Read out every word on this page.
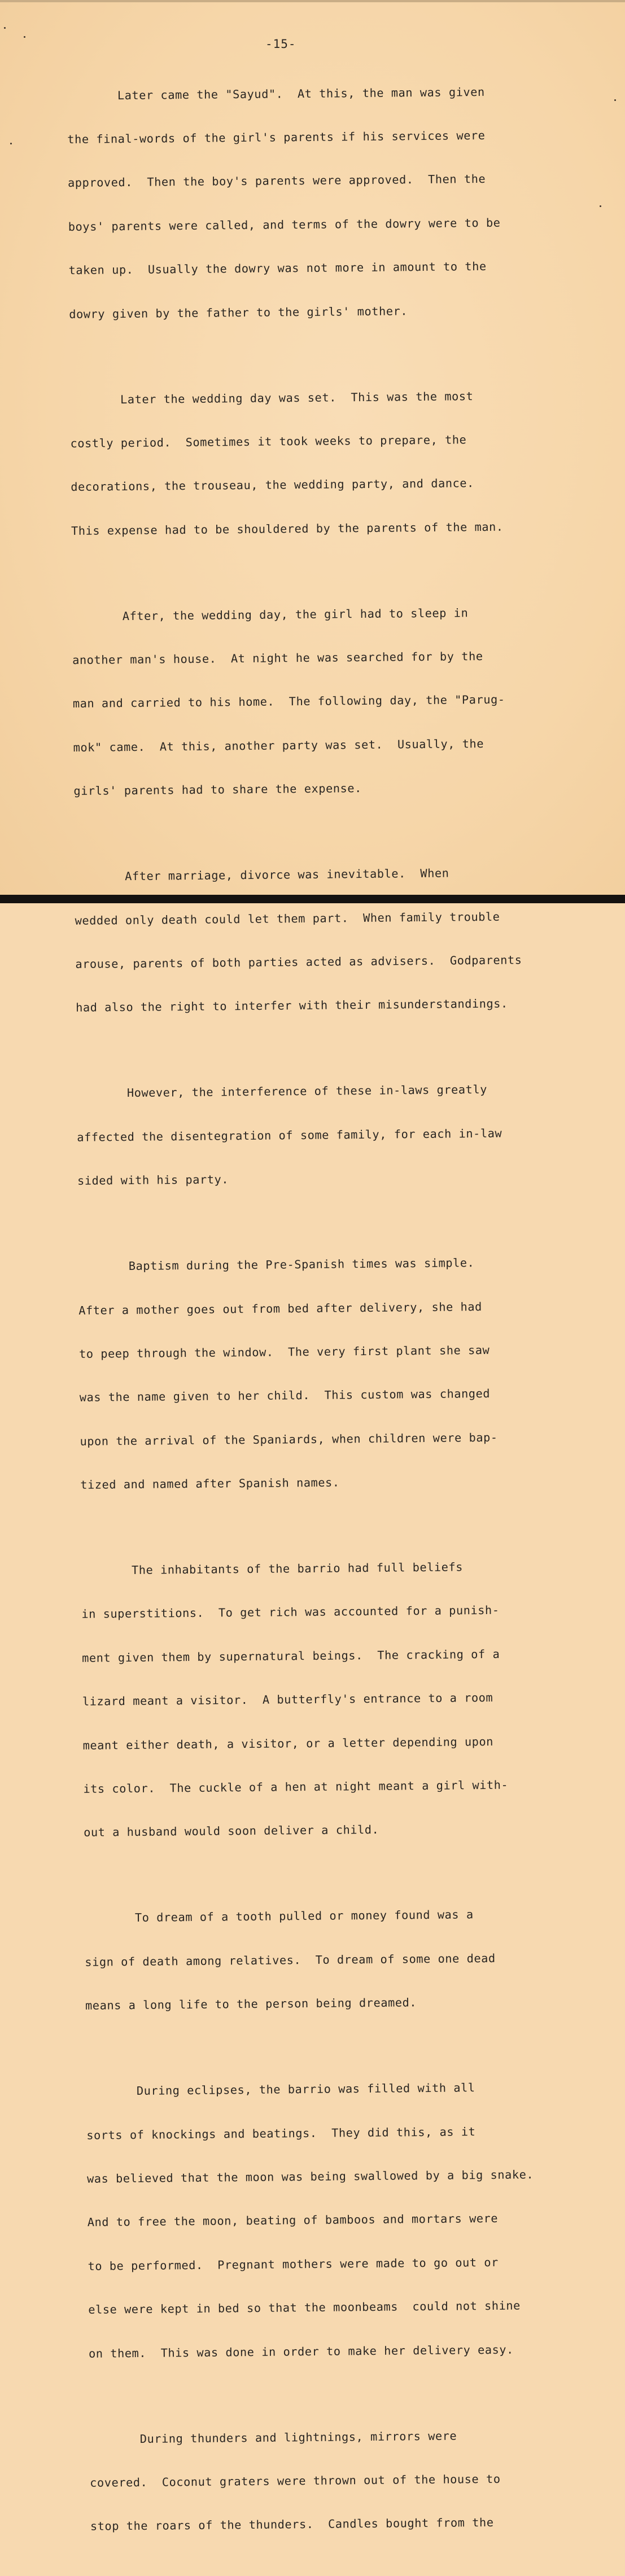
-15-

Later came the "Sayud".  At this, the man was given

the final-words of the girl's parents if his services were

approved.  Then the boy's parents were approved.  Then the

boys' parents were called, and terms of the dowry were to be

taken up.  Usually the dowry was not more in amount to the

dowry given by the father to the girls' mother.

Later the wedding day was set.  This was the most

costly period.  Sometimes it took weeks to prepare, the

decorations, the trouseau, the wedding party, and dance.

This expense had to be shouldered by the parents of the man.

After, the wedding day, the girl had to sleep in

another man's house.  At night he was searched for by the

man and carried to his home.  The following day, the "Parug-

mok" came.  At this, another party was set.  Usually, the

girls' parents had to share the expense.

After marriage, divorce was inevitable.  When

wedded only death could let them part.  When family trouble

arouse, parents of both parties acted as advisers.  Godparents

had also the right to interfer with their misunderstandings.

However, the interference of these in-laws greatly

affected the disentegration of some family, for each in-law

sided with his party.

Baptism during the Pre-Spanish times was simple.

After a mother goes out from bed after delivery, she had

to peep through the window.  The very first plant she saw

was the name given to her child.  This custom was changed

upon the arrival of the Spaniards, when children were bap-

tized and named after Spanish names.

The inhabitants of the barrio had full beliefs

in superstitions.  To get rich was accounted for a punish-

ment given them by supernatural beings.  The cracking of a

lizard meant a visitor.  A butterfly's entrance to a room

meant either death, a visitor, or a letter depending upon

its color.  The cuckle of a hen at night meant a girl with-

out a husband would soon deliver a child.

To dream of a tooth pulled or money found was a

sign of death among relatives.  To dream of some one dead

means a long life to the person being dreamed.

During eclipses, the barrio was filled with all

sorts of knockings and beatings.  They did this, as it

was believed that the moon was being swallowed by a big snake.

And to free the moon, beating of bamboos and mortars were

to be performed.  Pregnant mothers were made to go out or

else were kept in bed so that the moonbeams  could not shine

on them.  This was done in order to make her delivery easy.

During thunders and lightnings, mirrors were

covered.  Coconut graters were thrown out of the house to

stop the roars of the thunders.  Candles bought from the
